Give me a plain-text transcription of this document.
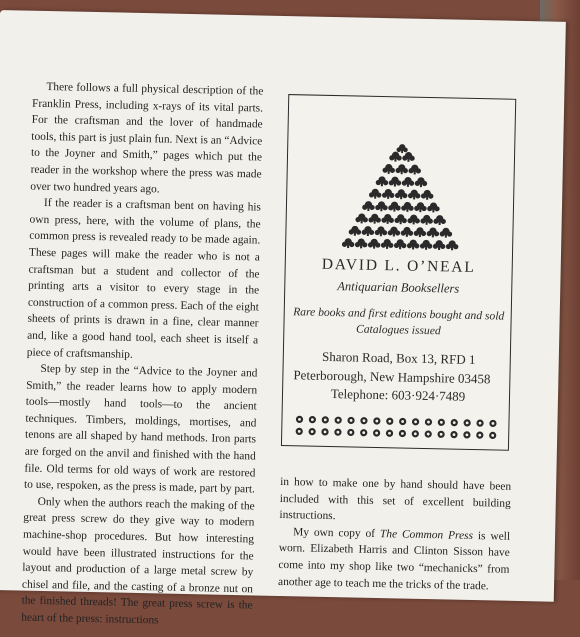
There follows a full physical description of the Franklin Press, including x-rays of its vital parts. For the craftsman and the lover of handmade tools, this part is just plain fun. Next is an “Advice to the Joyner and Smith,” pages which put the reader in the workshop where the press was made over two hundred years ago.

If the reader is a craftsman bent on having his own press, here, with the volume of plans, the common press is revealed ready to be made again. These pages will make the reader who is not a craftsman but a student and collector of the printing arts a visitor to every stage in the construction of a common press. Each of the eight sheets of prints is drawn in a fine, clear manner and, like a good hand tool, each sheet is itself a piece of craftsmanship.

Step by step in the “Advice to the Joyner and Smith,” the reader learns how to apply modern tools—mostly hand tools—to the ancient techniques. Timbers, moldings, mortises, and tenons are all shaped by hand methods. Iron parts are forged on the anvil and finished with the hand file. Old terms for old ways of work are restored to use, respoken, as the press is made, part by part.

Only when the authors reach the making of the great press screw do they give way to modern machine-shop procedures. But how interesting would have been illustrated instructions for the layout and production of a large metal screw by chisel and file, and the casting of a bronze nut on the finished threads! The great press screw is the heart of the press: instructions

DAVID L. O’NEAL
Antiquarian Booksellers
Rare books and first editions bought and sold
Catalogues issued
Sharon Road, Box 13, RFD 1
Peterborough, New Hampshire 03458
Telephone: 603·924·7489

in how to make one by hand should have been included with this set of excellent building instructions.

My own copy of The Common Press is well worn. Elizabeth Harris and Clinton Sisson have come into my shop like two “mechanicks” from another age to teach me the tricks of the trade.
